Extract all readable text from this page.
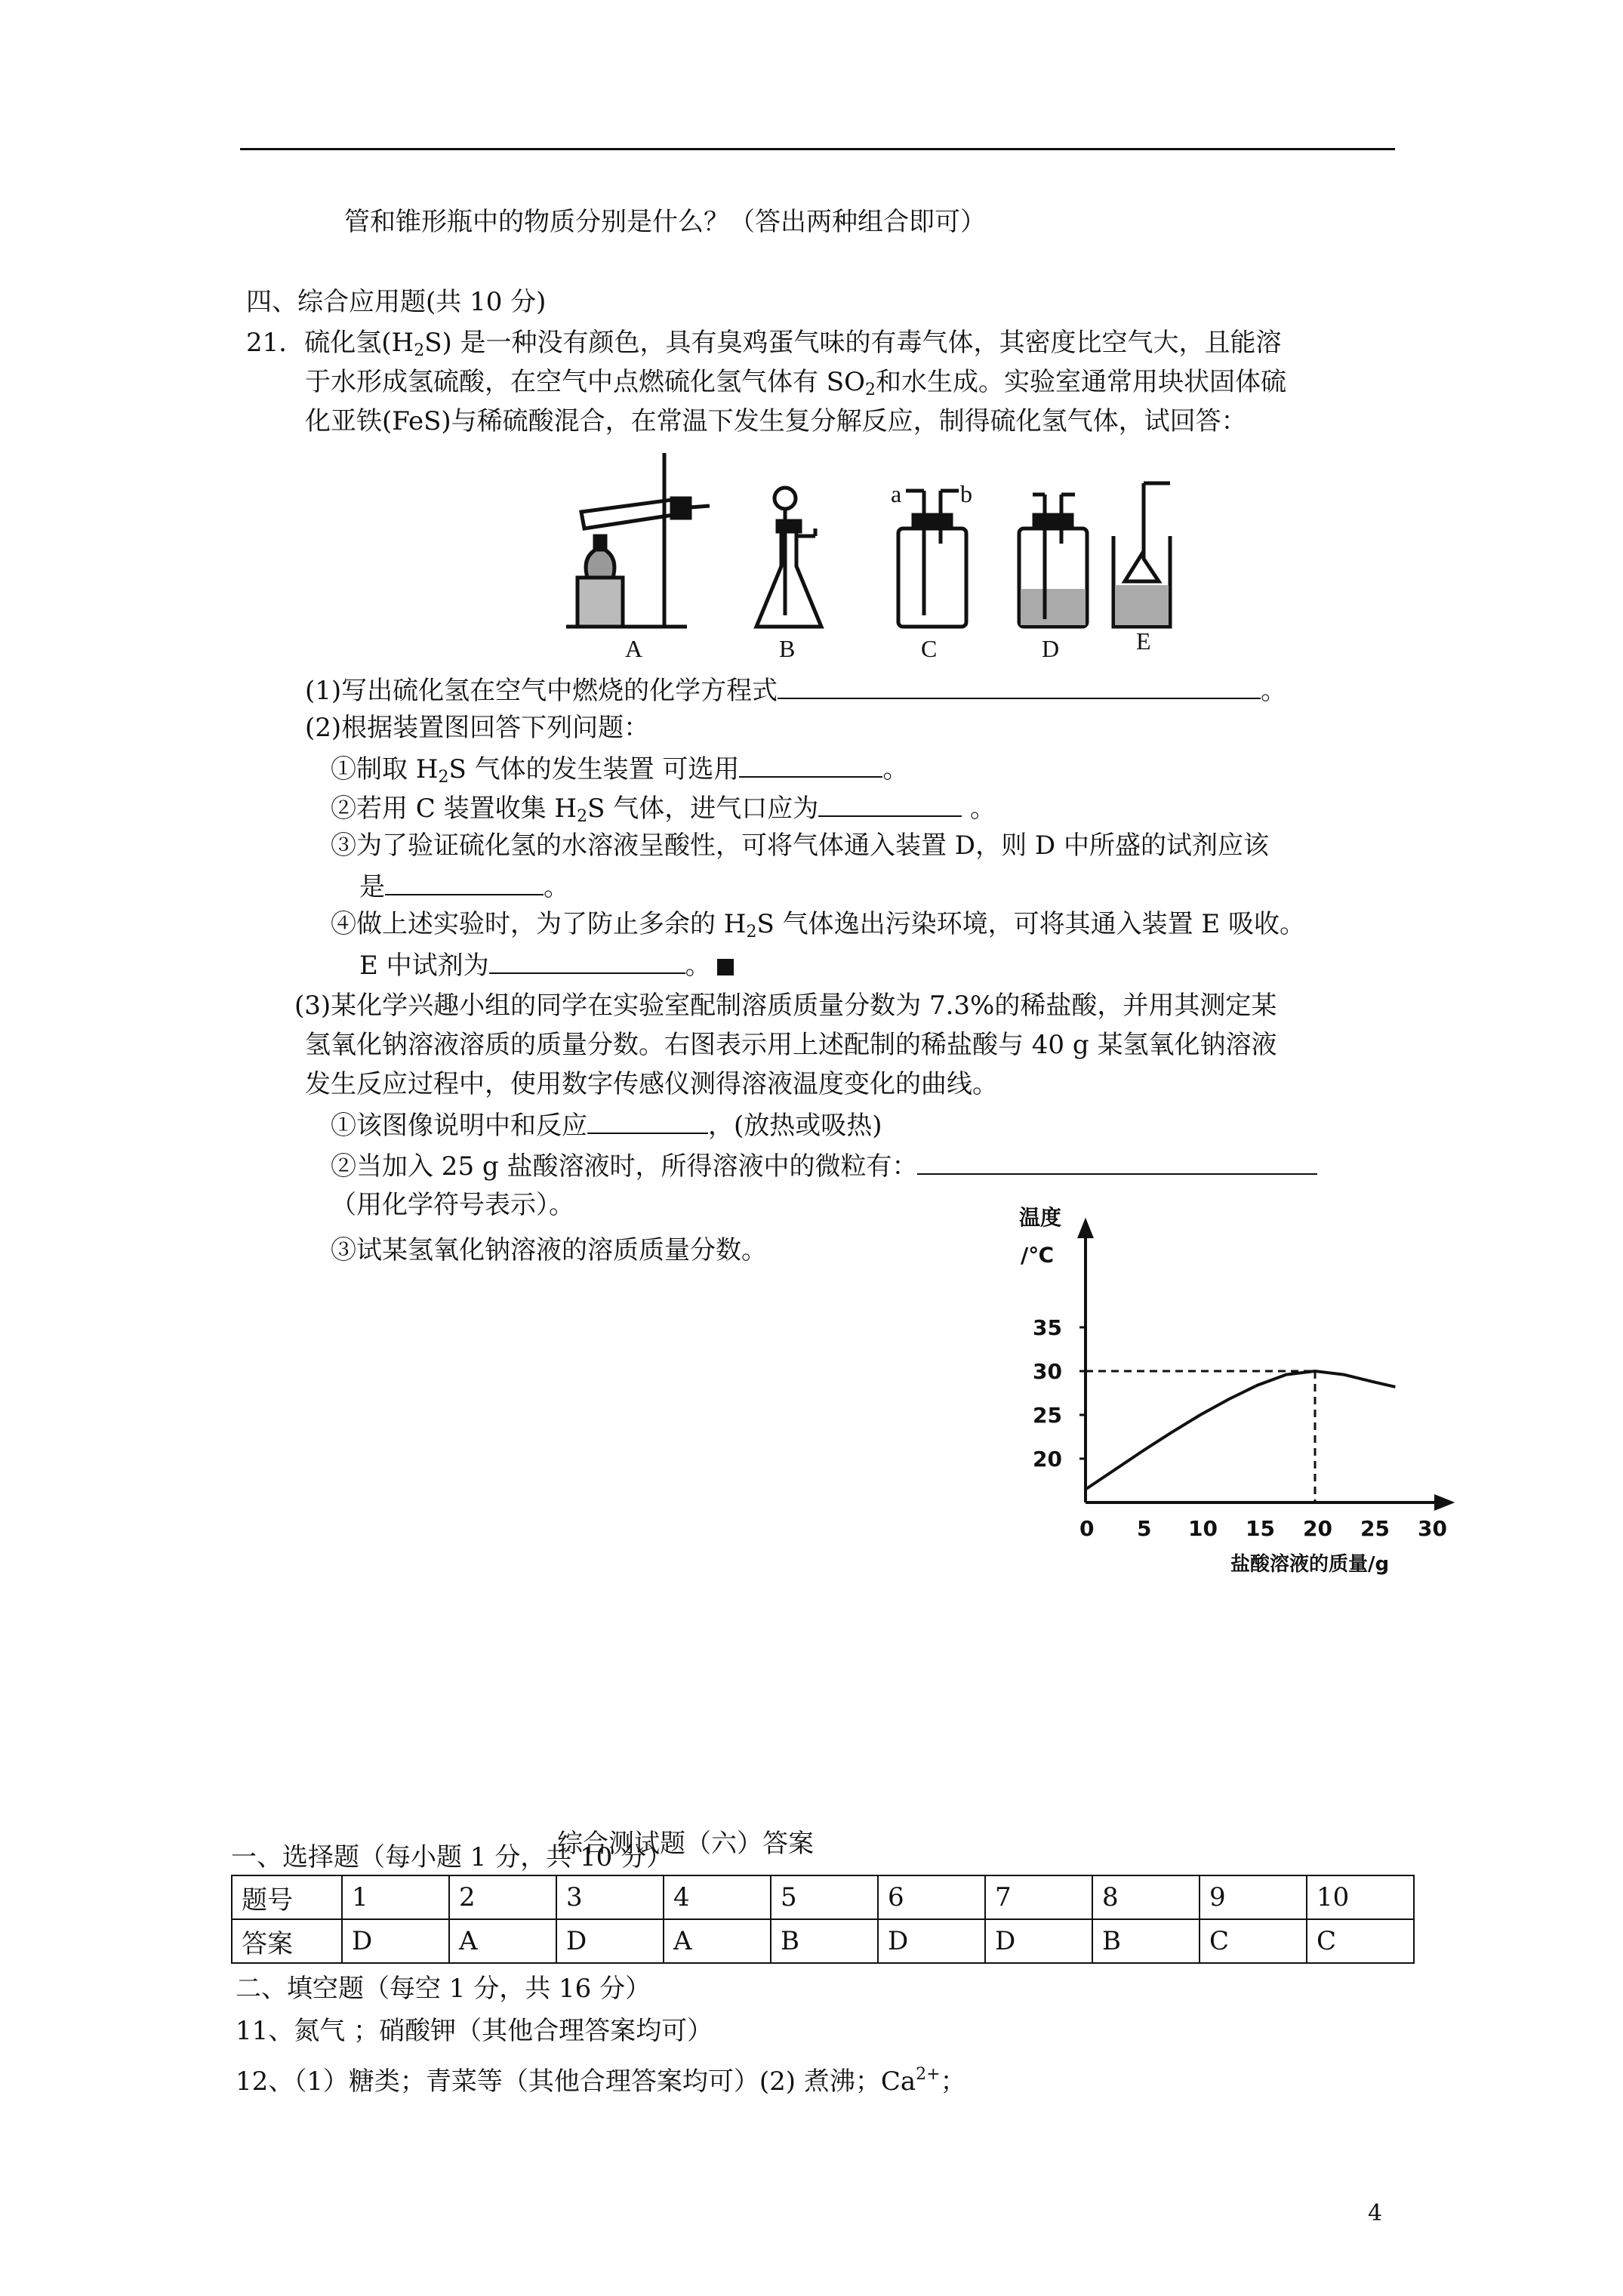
管和锥形瓶中的物质分别是什么？（答出两种组合即可）
四、综合应用题(共 10 分)
21．硫化氢$(H_2S)$ 是一种没有颜色，具有臭鸡蛋气味的有毒气体，其密度比空气大，且能溶
于水形成氢硫酸，在空气中点燃硫化氢气体有 $SO_2$和水生成。实验室通常用块状固体硫
化亚铁(FeS)与稀硫酸混合，在常温下发生复分解反应，制得硫化氢气体，试回答：
A	B	C	D	E
a b
(1)写出硫化氢在空气中燃烧的化学方程式	。
(2)根据装置图回答下列问题：
①制取 $H_2S$ 气体的发生装置 可选用	。
②若用 C 装置收集 $H_2S$ 气体，进气口应为	。
③为了验证硫化氢的水溶液呈酸性，可将气体通入装置 D，则 D 中所盛的试剂应该
是	。
④做上述实验时，为了防止多余的 $H_2S$ 气体逸出污染环境，可将其通入装置 E 吸收。
E 中试剂为	。
(3)某化学兴趣小组的同学在实验室配制溶质质量分数为 7.3%的稀盐酸，并用其测定某
氢氧化钠溶液溶质的质量分数。右图表示用上述配制的稀盐酸与 40 g 某氢氧化钠溶液
发生反应过程中，使用数字传感仪测得溶液温度变化的曲线。
①该图像说明中和反应	，(放热或吸热)
②当加入 25 g 盐酸溶液时，所得溶液中的微粒有：
（用化学符号表示）。
③试某氢氧化钠溶液的溶质质量分数。
温度
/℃
盐酸溶液的质量/g
0 5 10 15 20 25 30
20
25
30
35
综合测试题（六）答案
一、选择题（每小题 1 分，共 10 分）
题号	1	2	3	4	5	6	7	8	9	10
答案	D	A	D	A	B	D	D	B	C	C
二、填空题（每空 1 分，共 16 分）
11、氮气 ；硝酸钾（其他合理答案均可）
12、（1）糖类；青菜等（其他合理答案均可）(2) 煮沸；$Ca^{2+}$；
4
